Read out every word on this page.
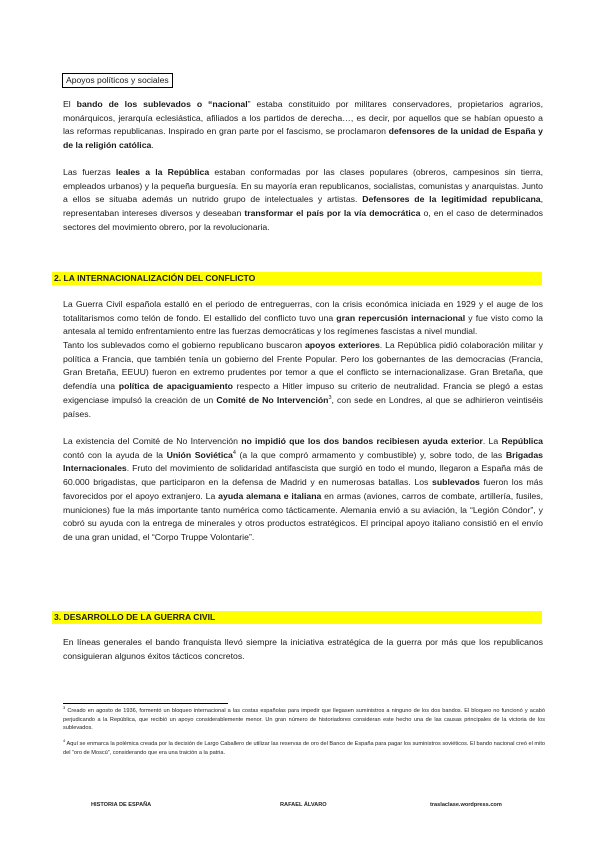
Apoyos políticos y sociales

El bando de los sublevados o “nacional” estaba constituido por militares conservadores, propietarios agrarios, monárquicos, jerarquía eclesiástica, afiliados a los partidos de derecha…, es decir, por aquellos que se habían opuesto a las reformas republicanas. Inspirado en gran parte por el fascismo, se proclamaron defensores de la unidad de España y de la religión católica.

Las fuerzas leales a la República estaban conformadas por las clases populares (obreros, campesinos sin tierra, empleados urbanos) y la pequeña burguesía. En su mayoría eran republicanos, socialistas, comunistas y anarquistas. Junto a ellos se situaba además un nutrido grupo de intelectuales y artistas. Defensores de la legitimidad republicana, representaban intereses diversos y deseaban transformar el país por la vía democrática o, en el caso de determinados sectores del movimiento obrero, por la revolucionaria.

2. LA INTERNACIONALIZACIÓN DEL CONFLICTO

La Guerra Civil española estalló en el periodo de entreguerras, con la crisis económica iniciada en 1929 y el auge de los totalitarismos como telón de fondo. El estallido del conflicto tuvo una gran repercusión internacional y fue visto como la antesala al temido enfrentamiento entre las fuerzas democráticas y los regímenes fascistas a nivel mundial.

Tanto los sublevados como el gobierno republicano buscaron apoyos exteriores. La República pidió colaboración militar y política a Francia, que también tenía un gobierno del Frente Popular. Pero los gobernantes de las democracias (Francia, Gran Bretaña, EEUU) fueron en extremo prudentes por temor a que el conflicto se internacionalizase. Gran Bretaña, que defendía una política de apaciguamiento respecto a Hitler impuso su criterio de neutralidad. Francia se plegó a estas exigenciase impulsó la creación de un Comité de No Intervención$^3$, con sede en Londres, al que se adhirieron veintiséis países.

La existencia del Comité de No Intervención no impidió que los dos bandos recibiesen ayuda exterior. La República contó con la ayuda de la Unión Soviética$^4$ (a la que compró armamento y combustible) y, sobre todo, de las Brigadas Internacionales. Fruto del movimiento de solidaridad antifascista que surgió en todo el mundo, llegaron a España más de 60.000 brigadistas, que participaron en la defensa de Madrid y en numerosas batallas. Los sublevados fueron los más favorecidos por el apoyo extranjero. La ayuda alemana e italiana en armas (aviones, carros de combate, artillería, fusiles, municiones) fue la más importante tanto numérica como tácticamente. Alemania envió a su aviación, la “Legión Cóndor”, y cobró su ayuda con la entrega de minerales y otros productos estratégicos. El principal apoyo italiano consistió en el envío de una gran unidad, el “Corpo Truppe Volontarie”.

3. DESARROLLO DE LA GUERRA CIVIL

En líneas generales el bando franquista llevó siempre la iniciativa estratégica de la guerra por más que los republicanos consiguieran algunos éxitos tácticos concretos.

$^3$ Creado en agosto de 1936, formentó un bloqueo internacional a las costas españolas para impedir que llegasen suministros a ninguno de los dos bandos. El bloqueo no funcionó y acabó perjudicando a la República, que recibió un apoyo considerablemente menor. Un gran número de historiadores consideran este hecho una de las causas principales de la victoria de los sublevados.

$^4$ Aquí se enmarca la polémica creada por la decisión de Largo Caballero de utilizar las reservas de oro del Banco de España para pagar los suministros soviéticos. El bando nacional creó el mito del “oro de Moscú”, considerando que era una traición a la patria.

HISTORIA DE ESPAÑA	RAFAEL ÁLVARO	traslaclase.wordpress.com
